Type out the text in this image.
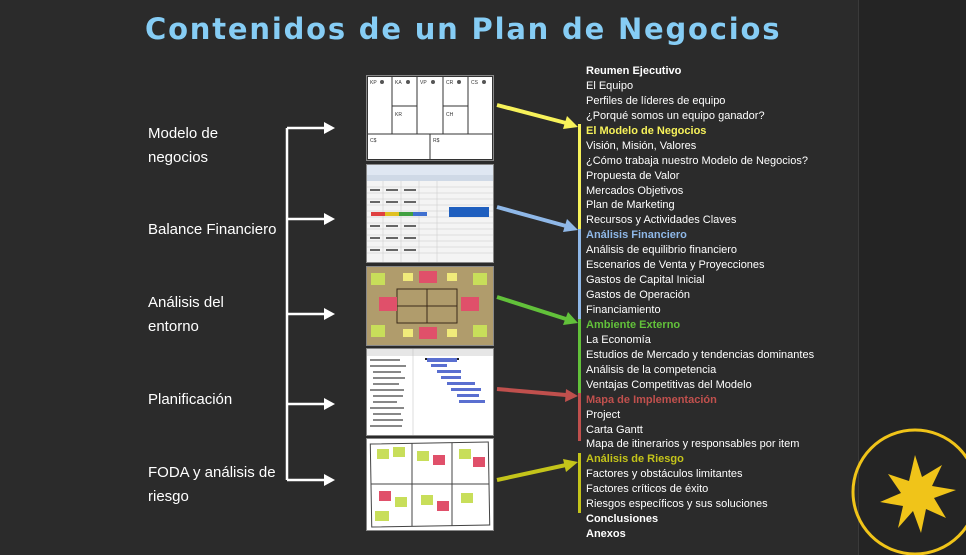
Contenidos de un Plan de Negocios
Modelo de
negocios
Balance Financiero
Análisis del
entorno
Planificación
FODA y análisis de
riesgo
KP	KA	VP	CR	CS
KR	CH
C$	R$
Reumen Ejecutivo
El Equipo
Perfiles de líderes de equipo
¿Porqué somos un equipo ganador?
El Modelo de Negocios
Visión, Misión, Valores
¿Cómo trabaja nuestro Modelo de Negocios?
Propuesta de Valor
Mercados Objetivos
Plan de Marketing
Recursos y Actividades Claves
Análisis Financiero
Análisis de equilibrio financiero
Escenarios de Venta y Proyecciones
Gastos de Capital Inicial
Gastos de Operación
Financiamiento
Ambiente Externo
La Economía
Estudios de Mercado y tendencias dominantes
Análisis de la competencia
Ventajas Competitivas del Modelo
Mapa de Implementación
Project
Carta Gantt
Mapa de itinerarios y responsables por item
Análisis de Riesgo
Factores y obstáculos limitantes
Factores críticos de éxito
Riesgos específicos y sus soluciones
Conclusiones
Anexos
